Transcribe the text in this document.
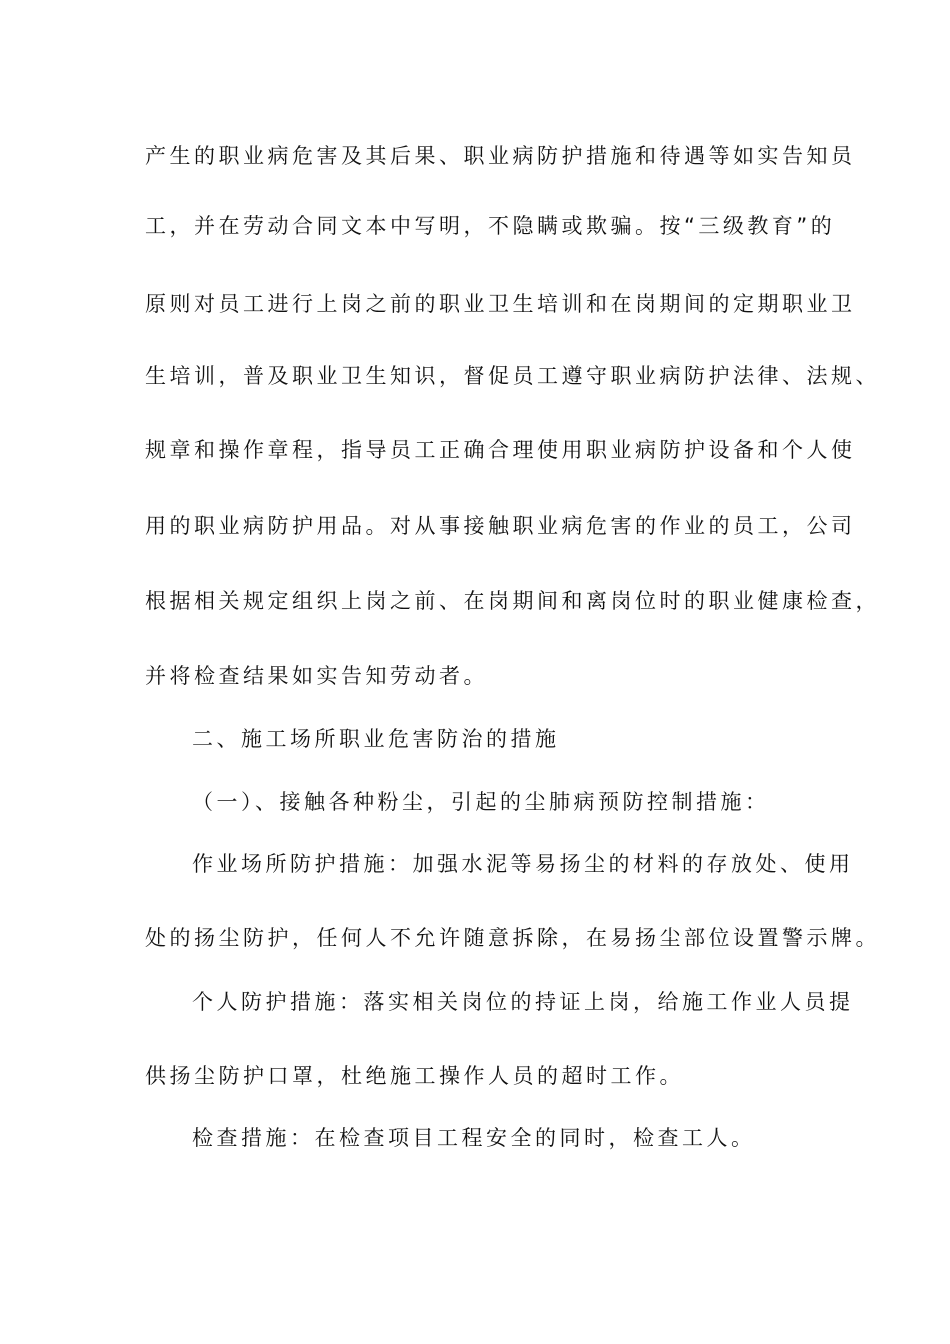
产生的职业病危害及其后果、职业病防护措施和待遇等如实告知员
工，并在劳动合同文本中写明，不隐瞒或欺骗。按“三级教育”的
原则对员工进行上岗之前的职业卫生培训和在岗期间的定期职业卫
生培训，普及职业卫生知识，督促员工遵守职业病防护法律、法规、
规章和操作章程，指导员工正确合理使用职业病防护设备和个人使
用的职业病防护用品。对从事接触职业病危害的作业的员工，公司
根据相关规定组织上岗之前、在岗期间和离岗位时的职业健康检查，
并将检查结果如实告知劳动者。
二、施工场所职业危害防治的措施
（一）、接触各种粉尘，引起的尘肺病预防控制措施：
作业场所防护措施：加强水泥等易扬尘的材料的存放处、使用
处的扬尘防护，任何人不允许随意拆除，在易扬尘部位设置警示牌。
个人防护措施：落实相关岗位的持证上岗，给施工作业人员提
供扬尘防护口罩，杜绝施工操作人员的超时工作。
检查措施：在检查项目工程安全的同时，检查工人。
